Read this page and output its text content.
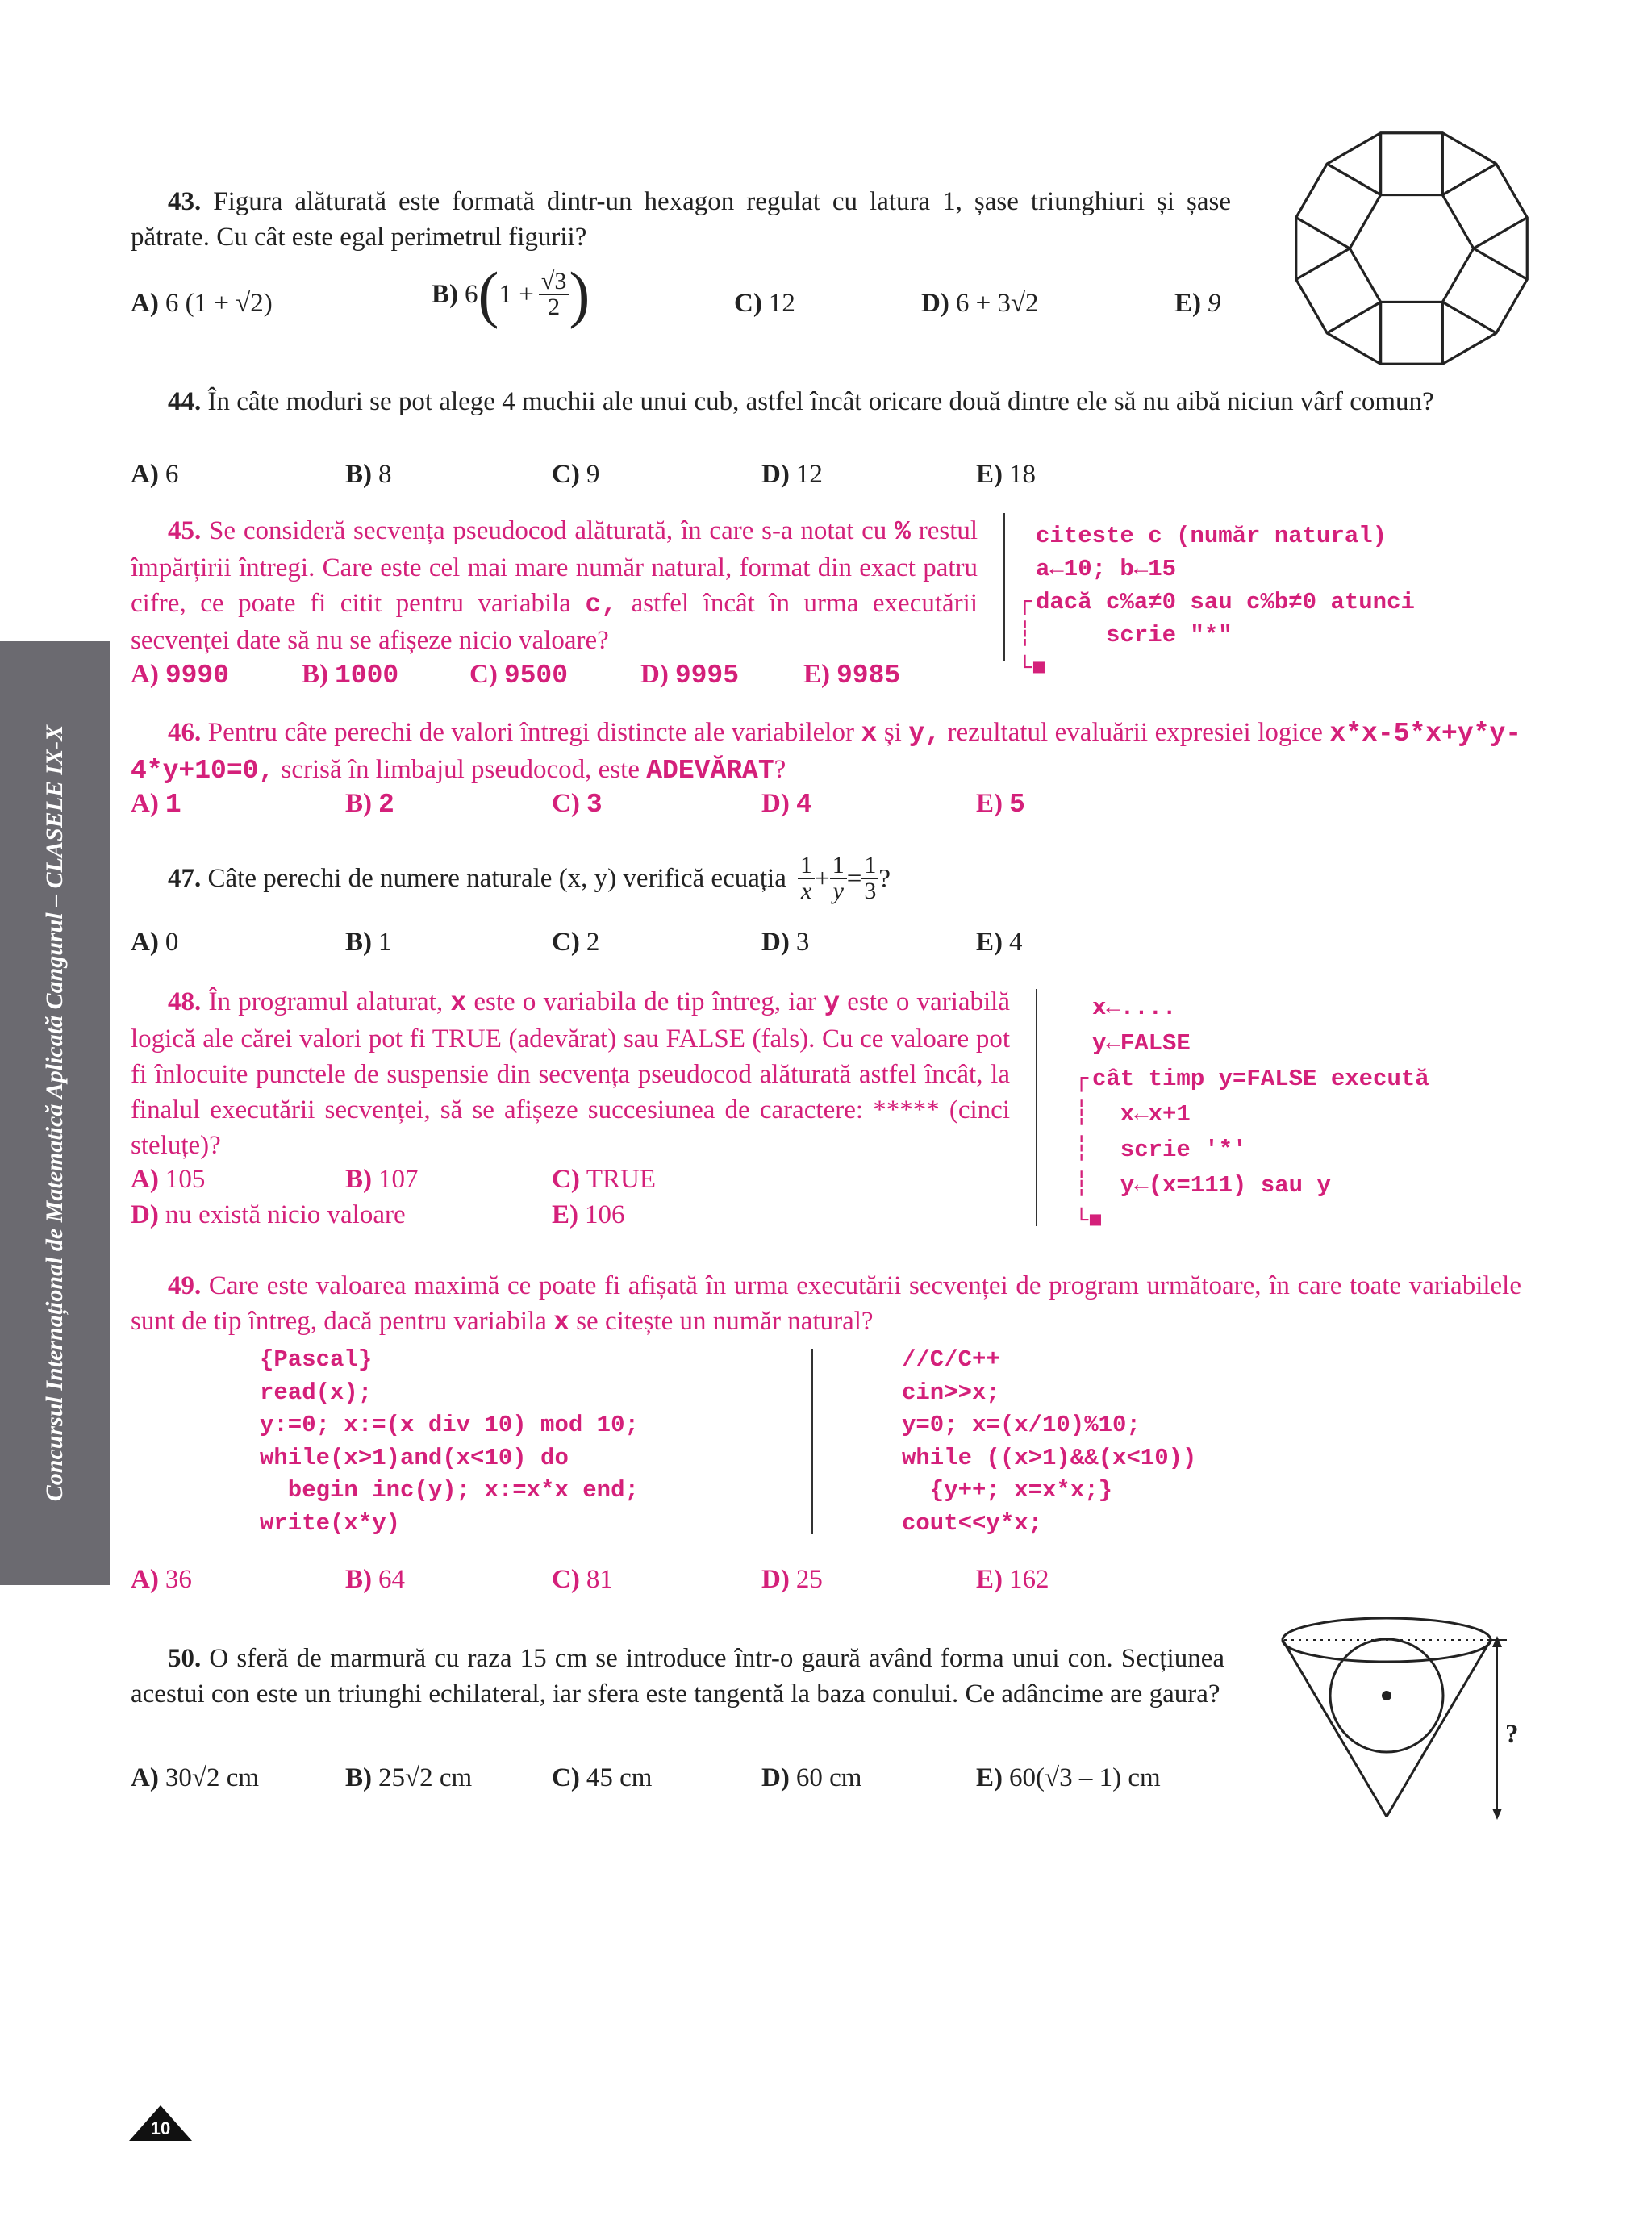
Concursul Internațional de Matematică Aplicată Cangurul – CLASELE IX-X
43. Figura alăturată este formată dintr-un hexagon regulat cu latura 1, șase triunghiuri și șase pătrate. Cu cât este egal perimetrul figurii?
A) 6 (1 + √2)	B) $6(1 + \frac{√3}{2}$ )	C) 12	D) 6 + 3√2	E) 9
44. În câte moduri se pot alege 4 muchii ale unui cub, astfel încât oricare două dintre ele să nu aibă niciun vârf comun?
A) 6	B) 8	C) 9	D) 12	E) 18
45. Se consideră secvența pseudocod alăturată, în care s-a notat cu % restul împărțirii întregi. Care este cel mai mare număr natural, format din exact patru cifre, ce poate fi citit pentru variabila c, astfel încât în urma executării secvenței date să nu se afișeze nicio valoare?
citeste c (număr natural)
a←10; b←15
┌ dacă c%a≠0 sau c%b≠0 atunci
┆ scrie "*"
└■
A) 9990	B) 1000	C) 9500	D) 9995 E) 9985
46. Pentru câte perechi de valori întregi distincte ale variabilelor x și y, rezultatul evaluării expresiei logice x*x-5*x+y*y-4*y+10=0, scrisă în limbajul pseudocod, este ADEVĂRAT?
A) 1	B) 2	C) 3	D) 4	E) 5
47. Câte perechi de numere naturale (x, y) verifică ecuația $\frac{1}{x}+ \frac{1}{y}= \frac{1}{3}$ ?
A) 0	B) 1	C) 2	D) 3	E) 4
48. În programul alaturat, x este o variabila de tip întreg, iar y este o variabilă logică ale cărei valori pot fi TRUE (adevărat) sau FALSE (fals). Cu ce valoare pot fi înlocuite punctele de suspensie din secvența pseudocod alăturată astfel încât, la finalul executării secvenței, să se afișeze succesiunea de caractere: ***** (cinci steluțe)?
x←....
y←FALSE
┌ cât timp y=FALSE execută
┆ x←x+1
┆ scrie '*'
┆ y←(x=111) sau y
└■
A) 105	B) 107	C) TRUE
D) nu există nicio valoare	E) 106
49. Care este valoarea maximă ce poate fi afișată în urma executării secvenței de program următoare, în care toate variabilele sunt de tip întreg, dacă pentru variabila x se citește un număr natural?
{Pascal}
read(x);
y:=0; x:=(x div 10) mod 10;
while(x>1)and(x<10) do
begin inc(y); x:=x*x end;
write(x*y)
//C/C++
cin>>x;
y=0; x=(x/10)%10;
while ((x>1)&&(x<10))
{y++; x=x*x;}
cout<<y*x;
A) 36	B) 64	C) 81	D) 25	E) 162
50. O sferă de marmură cu raza 15 cm se introduce într-o gaură având forma unui con. Secțiunea acestui con este un triunghi echilateral, iar sfera este tangentă la baza conului. Ce adâncime are gaura?
?
A) 30√2 cm	B) 25√2 cm	C) 45 cm	D) 60 cm	E) 60(√3 – 1) cm
10
